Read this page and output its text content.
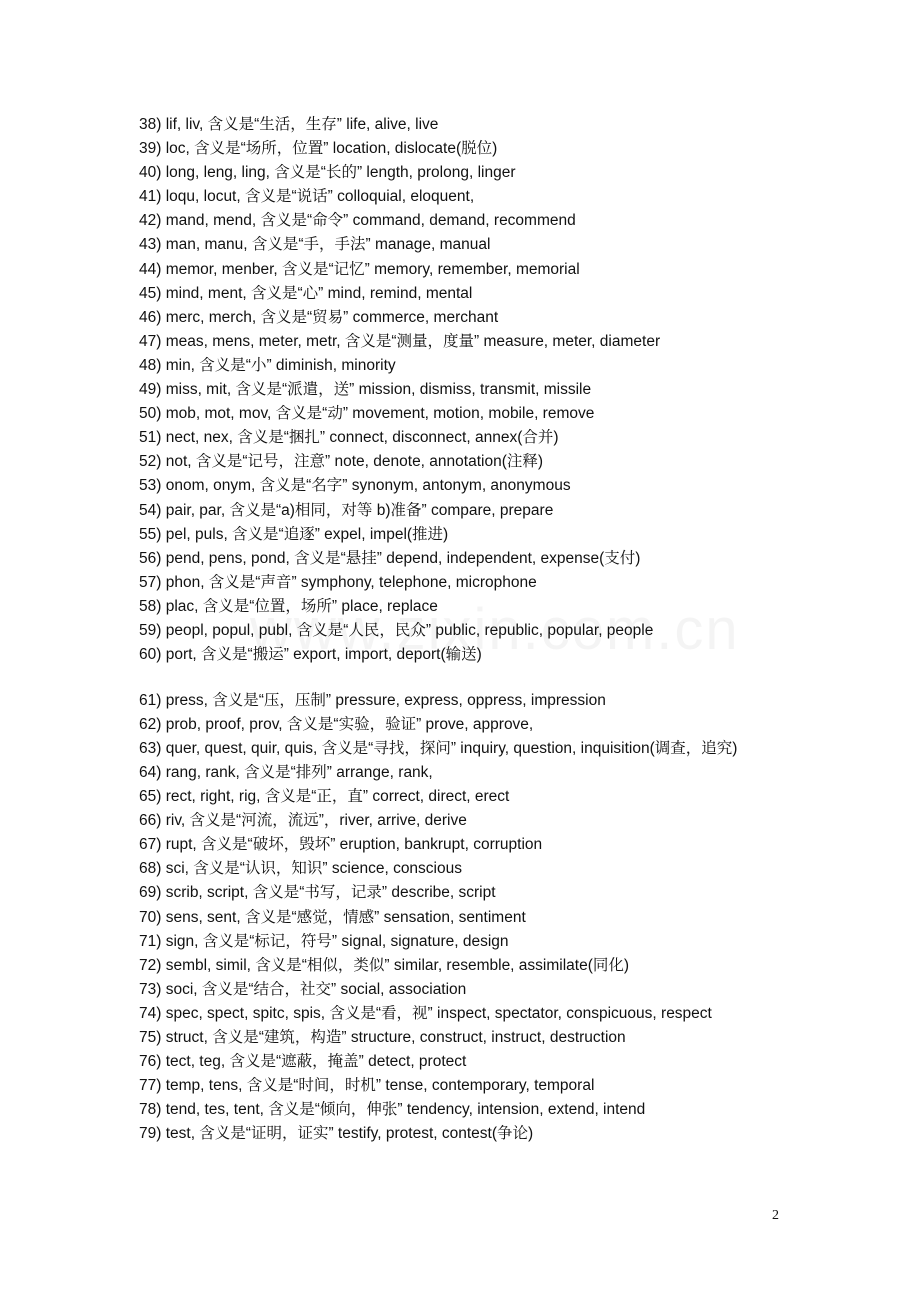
38) lif, liv, 含义是“生活，生存” life, alive, live
39) loc, 含义是“场所，位置” location, dislocate(脱位)
40) long, leng, ling, 含义是“长的” length, prolong, linger
41) loqu, locut, 含义是“说话” colloquial, eloquent,
42) mand, mend, 含义是“命令” command, demand, recommend
43) man, manu, 含义是“手，手法” manage, manual
44) memor, menber, 含义是“记忆” memory, remember, memorial
45) mind, ment, 含义是“心” mind, remind, mental
46) merc, merch, 含义是“贸易” commerce, merchant
47) meas, mens, meter, metr, 含义是“测量，度量” measure, meter, diameter
48) min, 含义是“小” diminish, minority
49) miss, mit, 含义是“派遣，送” mission, dismiss, transmit, missile
50) mob, mot, mov, 含义是“动” movement, motion, mobile, remove
51) nect, nex, 含义是“捆扎” connect, disconnect, annex(合并)
52) not, 含义是“记号，注意” note, denote, annotation(注释)
53) onom, onym, 含义是“名字” synonym, antonym, anonymous
54) pair, par, 含义是“a)相同，对等 b)准备” compare, prepare
55) pel, puls, 含义是“追逐” expel, impel(推进)
56) pend, pens, pond, 含义是“悬挂” depend, independent, expense(支付)
57) phon, 含义是“声音” symphony, telephone, microphone
58) plac, 含义是“位置，场所” place, replace
59) peopl, popul, publ, 含义是“人民，民众” public, republic, popular, people
60) port, 含义是“搬运” export, import, deport(输送)
61) press, 含义是“压，压制” pressure, express, oppress, impression
62) prob, proof, prov, 含义是“实验，验证” prove, approve,
63) quer, quest, quir, quis, 含义是“寻找，探问” inquiry, question, inquisition(调查，追究)
64) rang, rank, 含义是“排列” arrange, rank,
65) rect, right, rig, 含义是“正，直” correct, direct, erect
66) riv, 含义是“河流，流远”，river, arrive, derive
67) rupt, 含义是“破坏，毁坏” eruption, bankrupt, corruption
68) sci, 含义是“认识，知识” science, conscious
69) scrib, script, 含义是“书写，记录” describe, script
70) sens, sent, 含义是“感觉，情感” sensation, sentiment
71) sign, 含义是“标记，符号” signal, signature, design
72) sembl, simil, 含义是“相似，类似” similar, resemble, assimilate(同化)
73) soci, 含义是“结合，社交” social, association
74) spec, spect, spitc, spis, 含义是“看，视” inspect, spectator, conspicuous, respect
75) struct, 含义是“建筑，构造” structure, construct, instruct, destruction
76) tect, teg, 含义是“遮蔽，掩盖” detect, protect
77) temp, tens, 含义是“时间，时机” tense, contemporary, temporal
78) tend, tes, tent, 含义是“倾向，伸张” tendency, intension, extend, intend
79) test, 含义是“证明，证实” testify, protest, contest(争论)
2
